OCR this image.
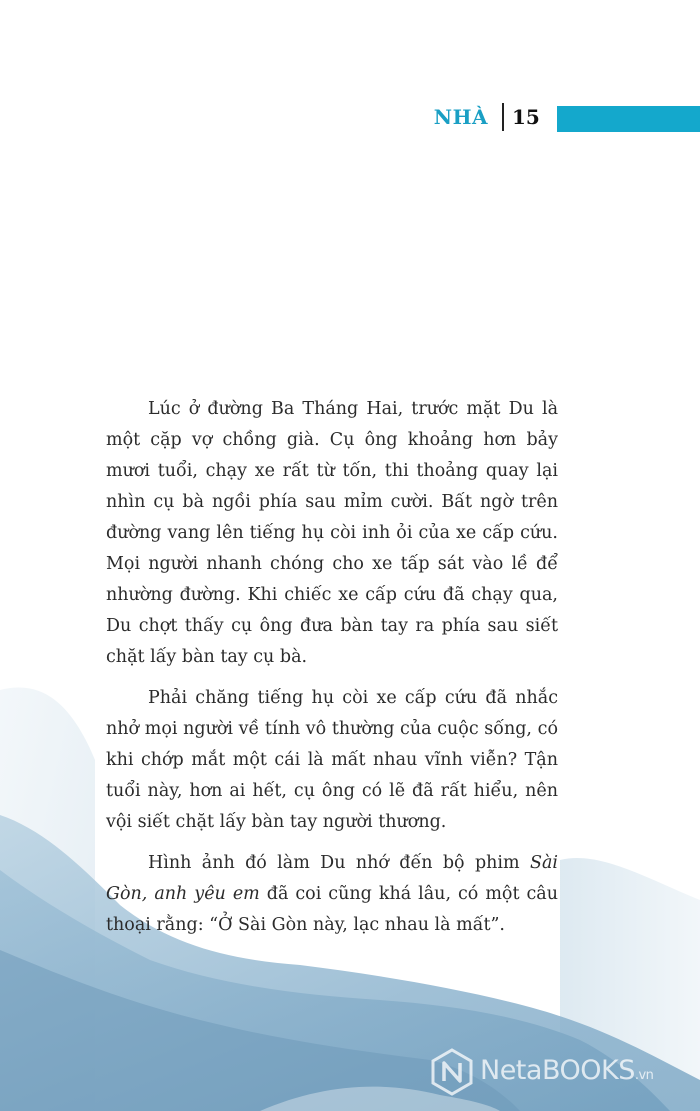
NHÀ 15

Lúc ở đường Ba Tháng Hai, trước mặt Du là một cặp vợ chồng già. Cụ ông khoảng hơn bảy mươi tuổi, chạy xe rất từ tốn, thi thoảng quay lại nhìn cụ bà ngồi phía sau mỉm cười. Bất ngờ trên đường vang lên tiếng hụ còi inh ỏi của xe cấp cứu. Mọi người nhanh chóng cho xe tấp sát vào lề để nhường đường. Khi chiếc xe cấp cứu đã chạy qua, Du chợt thấy cụ ông đưa bàn tay ra phía sau siết chặt lấy bàn tay cụ bà.

Phải chăng tiếng hụ còi xe cấp cứu đã nhắc nhở mọi người về tính vô thường của cuộc sống, có khi chớp mắt một cái là mất nhau vĩnh viễn? Tận tuổi này, hơn ai hết, cụ ông có lẽ đã rất hiểu, nên vội siết chặt lấy bàn tay người thương.

Hình ảnh đó làm Du nhớ đến bộ phim Sài Gòn, anh yêu em đã coi cũng khá lâu, có một câu thoại rằng: “Ở Sài Gòn này, lạc nhau là mất”.

NetaBOOKS.vn
